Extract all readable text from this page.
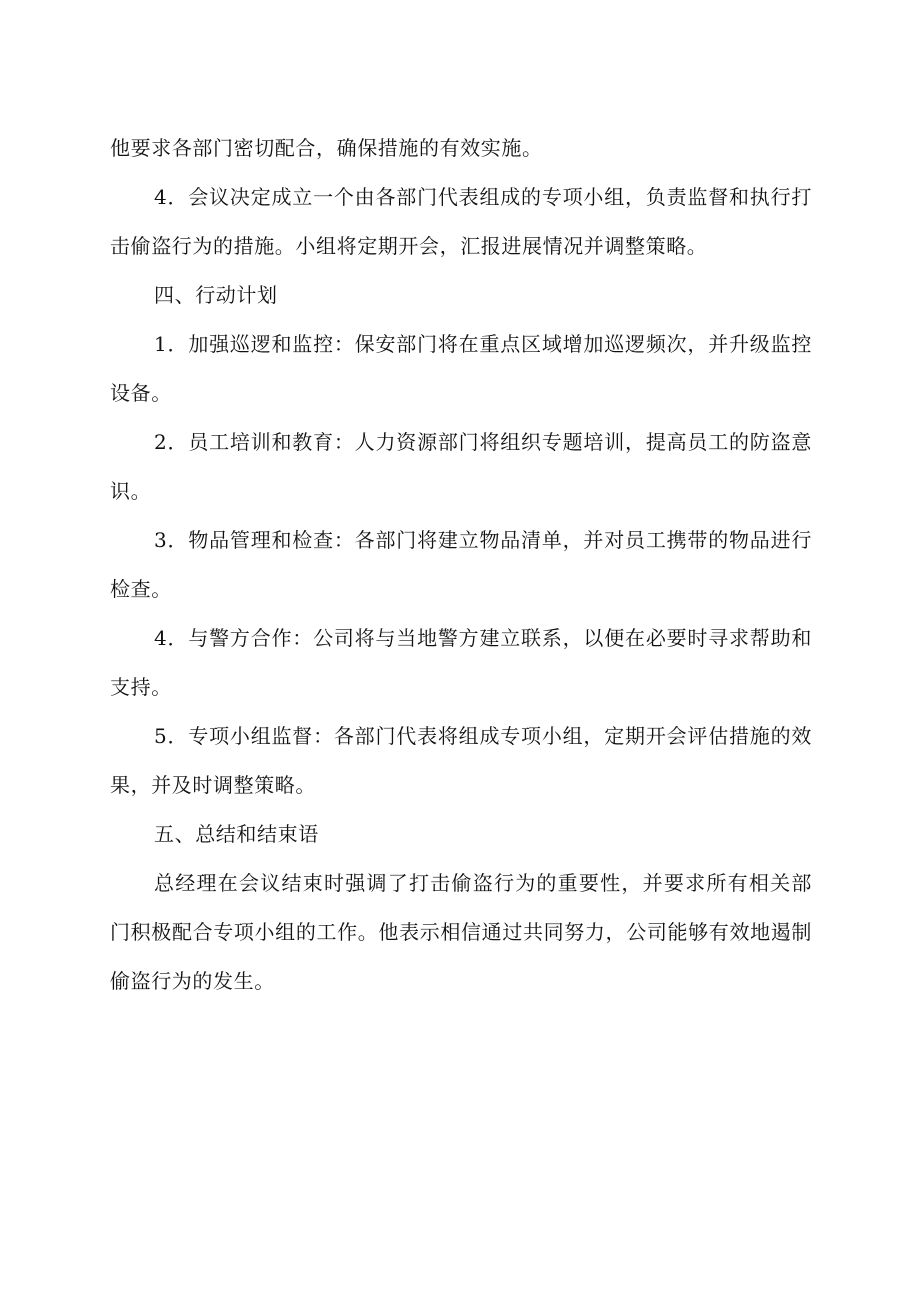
他要求各部门密切配合，确保措施的有效实施。

4．会议决定成立一个由各部门代表组成的专项小组，负责监督和执行打击偷盗行为的措施。小组将定期开会，汇报进展情况并调整策略。

四、行动计划

1．加强巡逻和监控：保安部门将在重点区域增加巡逻频次，并升级监控设备。

2．员工培训和教育：人力资源部门将组织专题培训，提高员工的防盗意识。

3．物品管理和检查：各部门将建立物品清单，并对员工携带的物品进行检查。

4．与警方合作：公司将与当地警方建立联系，以便在必要时寻求帮助和支持。

5．专项小组监督：各部门代表将组成专项小组，定期开会评估措施的效果，并及时调整策略。

五、总结和结束语

总经理在会议结束时强调了打击偷盗行为的重要性，并要求所有相关部门积极配合专项小组的工作。他表示相信通过共同努力，公司能够有效地遏制偷盗行为的发生。
